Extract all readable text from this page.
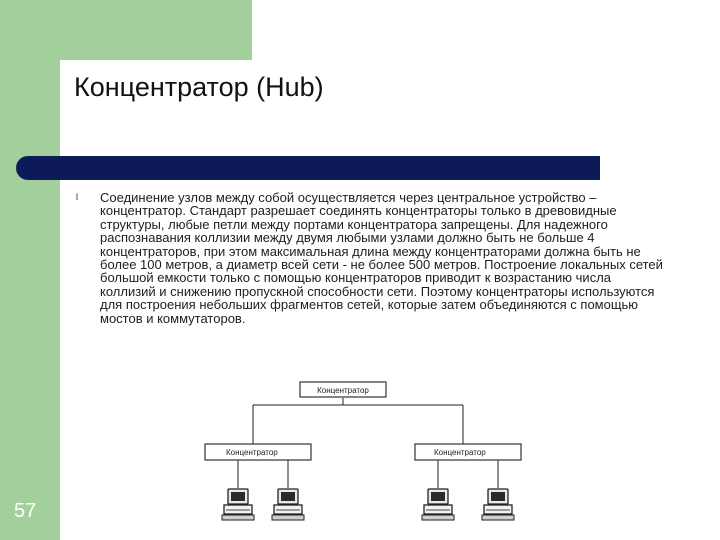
Концентратор (Hub)
l Соединение узлов между собой осуществляется через центральное устройство – концентратор. Стандарт разрешает соединять концентраторы только в древовидные структуры, любые петли между портами концентратора запрещены. Для надежного распознавания коллизии между двумя любыми узлами должно быть не больше 4 концентраторов, при этом максимальная длина между концентраторами должна быть не более 100 метров, а диаметр всей сети - не более 500 метров. Построение локальных сетей большой емкости только с помощью концентраторов приводит к возрастанию числа коллизий и снижению пропускной способности сети. Поэтому концентраторы используются для построения небольших фрагментов сетей, которые затем объединяются с помощью мостов и коммутаторов.

57
Концентратор
Концентратор	Концентратор
